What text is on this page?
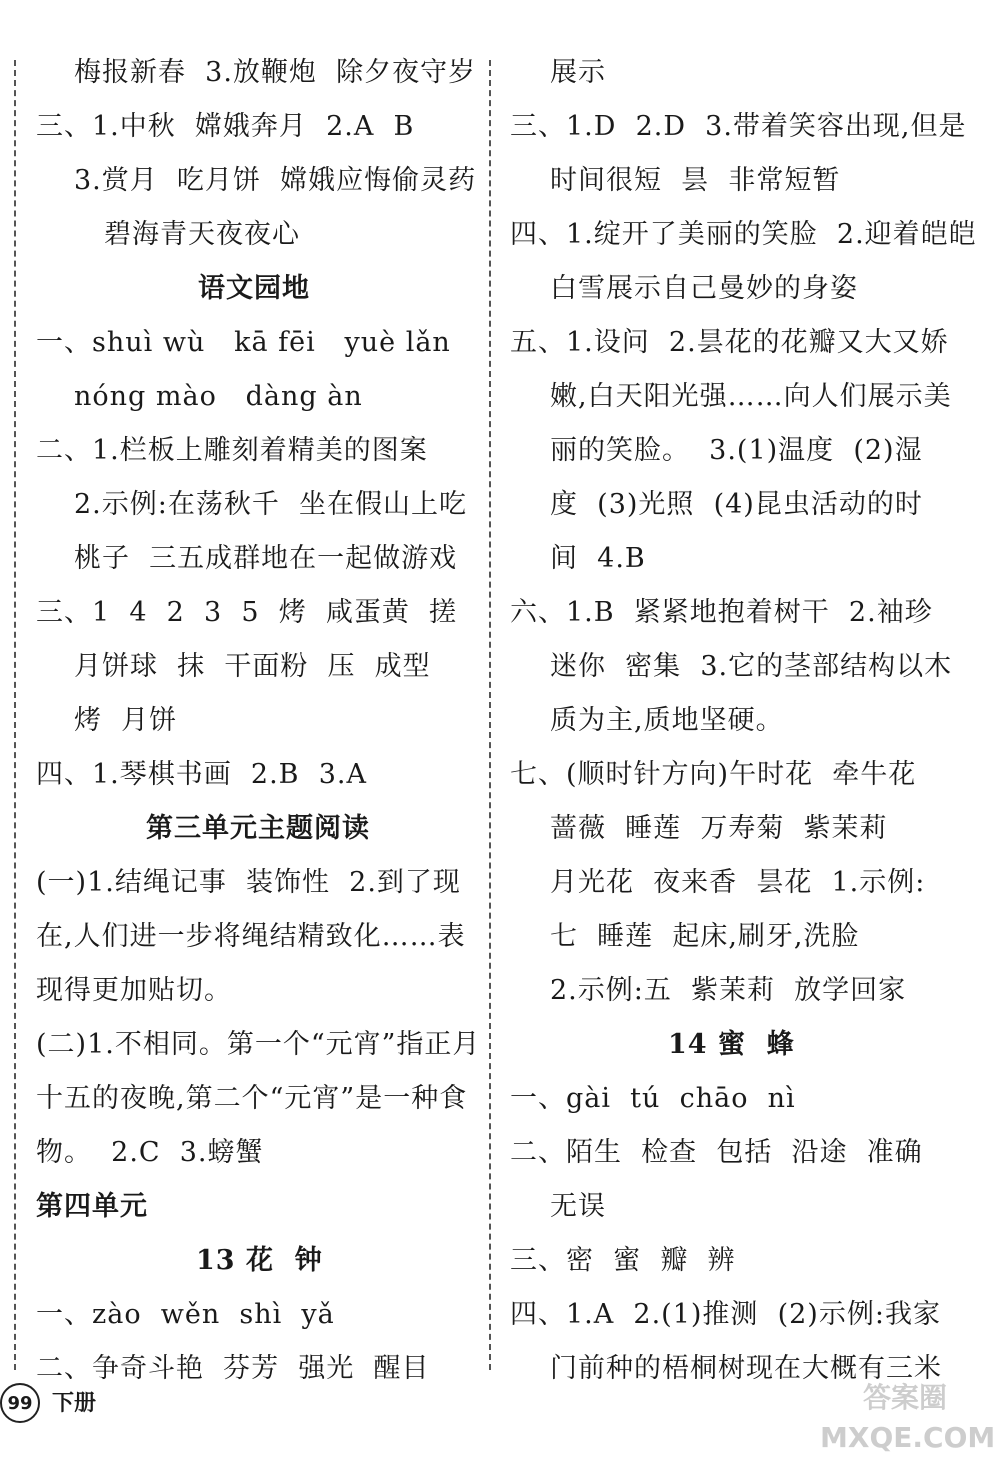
梅报新春  3.放鞭炮  除夕夜守岁
三、1.中秋  嫦娥奔月  2.A  B
3.赏月  吃月饼  嫦娥应悔偷灵药
碧海青天夜夜心
语文园地
一、shuì wù   kā fēi   yuè lǎn
nóng mào   dàng àn
二、1.栏板上雕刻着精美的图案
2.示例:在荡秋千  坐在假山上吃
桃子  三五成群地在一起做游戏
三、1  4  2  3  5  烤  咸蛋黄  搓
月饼球  抹  干面粉  压  成型
烤  月饼
四、1.琴棋书画  2.B  3.A
第三单元主题阅读
(一)1.结绳记事  装饰性  2.到了现
在,人们进一步将绳结精致化……表
现得更加贴切。
(二)1.不相同。第一个“元宵”指正月
十五的夜晚,第二个“元宵”是一种食
物。  2.C  3.螃蟹
第四单元
13 花  钟
一、zào  wěn  shì  yǎ
二、争奇斗艳  芬芳  强光  醒目
展示
三、1.D  2.D  3.带着笑容出现,但是
时间很短  昙  非常短暂
四、1.绽开了美丽的笑脸  2.迎着皑皑
白雪展示自己曼妙的身姿
五、1.设问  2.昙花的花瓣又大又娇
嫩,白天阳光强……向人们展示美
丽的笑脸。  3.(1)温度  (2)湿
度  (3)光照  (4)昆虫活动的时
间  4.B
六、1.B  紧紧地抱着树干  2.袖珍
迷你  密集  3.它的茎部结构以木
质为主,质地坚硬。
七、(顺时针方向)午时花  牵牛花
蔷薇  睡莲  万寿菊  紫茉莉
月光花  夜来香  昙花  1.示例:
七  睡莲  起床,刷牙,洗脸
2.示例:五  紫茉莉  放学回家
14 蜜  蜂
一、gài  tú  chāo  nì
二、陌生  检查  包括  沿途  准确
无误
三、密  蜜  瓣  辨
四、1.A  2.(1)推测  (2)示例:我家
门前种的梧桐树现在大概有三米
99 下册	答案圈
MXQE.COM
